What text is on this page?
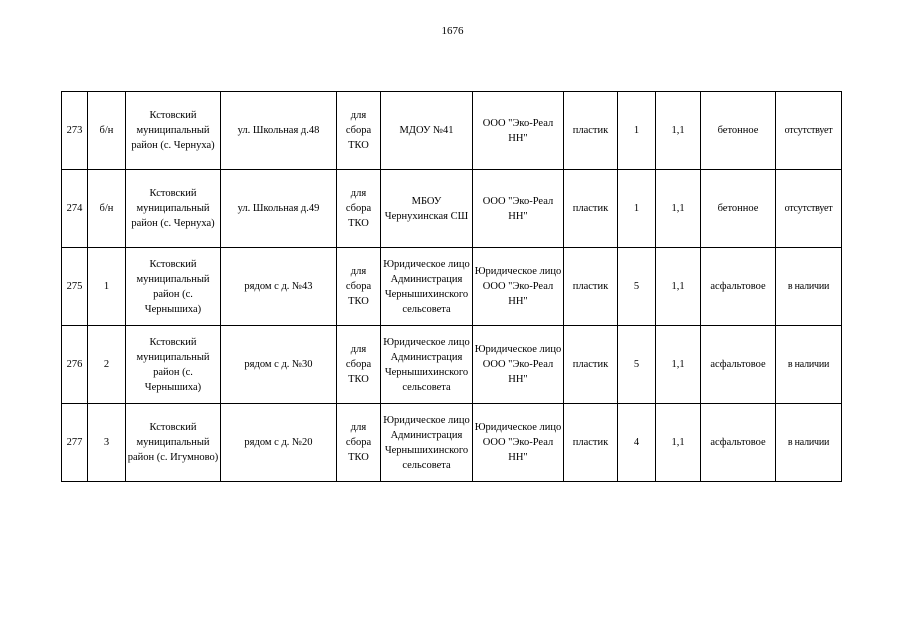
1676
273	б/н	Кстовский муниципальный район (с. Чернуха)	ул. Школьная д.48	для сбора ТКО	МДОУ №41	ООО "Эко-Реал НН"	пластик	1	1,1	бетонное	отсутствует
274	б/н	Кстовский муниципальный район (с. Чернуха)	ул. Школьная д.49	для сбора ТКО	МБОУ Чернухинская СШ	ООО "Эко-Реал НН"	пластик	1	1,1	бетонное	отсутствует
275	1	Кстовский муниципальный район (с. Чернышиха)	рядом с д. №43	для сбора ТКО	Юридическое лицо Администрация Чернышихинского сельсовета	Юридическое лицо ООО "Эко-Реал НН"	пластик	5	1,1	асфальтовое	в наличии
276	2	Кстовский муниципальный район (с. Чернышиха)	рядом с д. №30	для сбора ТКО	Юридическое лицо Администрация Чернышихинского сельсовета	Юридическое лицо ООО "Эко-Реал НН"	пластик	5	1,1	асфальтовое	в наличии
277	3	Кстовский муниципальный район (с. Игумново)	рядом с д. №20	для сбора ТКО	Юридическое лицо Администрация Чернышихинского сельсовета	Юридическое лицо ООО "Эко-Реал НН"	пластик	4	1,1	асфальтовое	в наличии
